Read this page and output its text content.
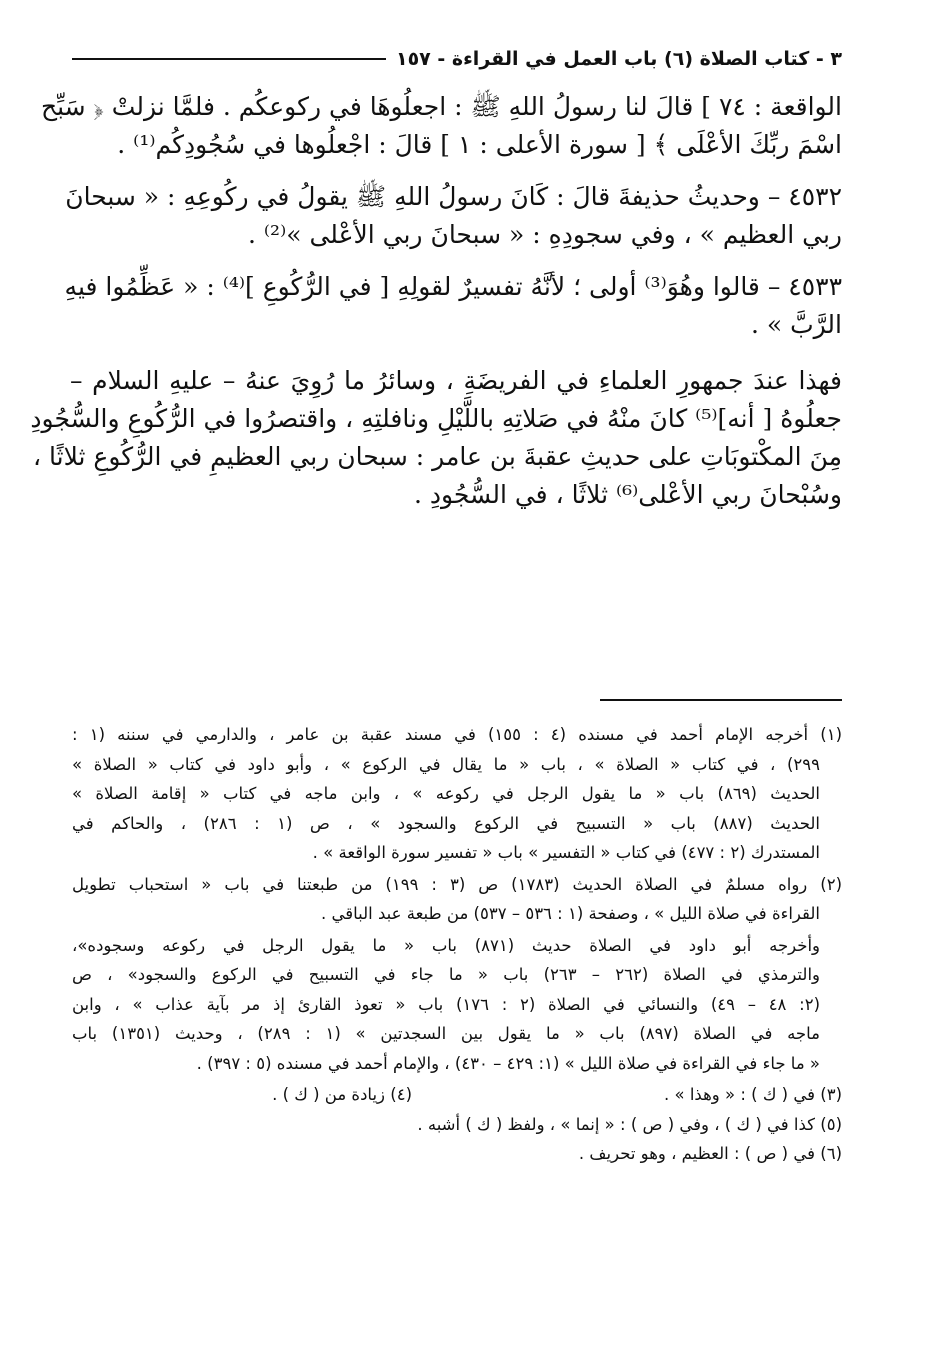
٣ - كتاب الصلاة (٦) باب العمل في القراءة - ١٥٧
الواقعة : ٧٤ ] قالَ لنا رسولُ اللهِ ﷺ : اجعلُوهَا في ركوعكُم . فلمَّا نزلتْ ﴿ سَبِّح
اسْمَ ربِّكَ الأعْلَى ﴾ [ سورة الأعلى : ١ ] قالَ : اجْعلُوها في سُجُودِكُم⁽¹⁾ .
٤٥٣٢ – وحديثُ حذيفةَ قالَ : كَانَ رسولُ اللهِ ﷺ يقولُ في ركُوعِهِ : « سبحانَ
ربي العظيم » ، وفي سجودِهِ : « سبحانَ ربي الأعْلى »⁽²⁾ .
٤٥٣٣ – قالوا وهُوَ⁽³⁾ أولى ؛ لأنَّهُ تفسيرٌ لقولِهِ [ في الرُّكُوعِ ]⁽⁴⁾ : « عَظِّمُوا فيهِ
الرَّبَّ » .
فهذا عندَ جمهورِ العلماءِ في الفريضَةِ ، وسائرُ ما رُوِيَ عنهُ – عليهِ السلام –
جعلُوهُ [ أنه]⁽⁵⁾ كانَ منْهُ في صَلاتِهِ باللَّيْلِ ونافلتِهِ ، واقتصرُوا في الرُّكُوعِ والسُّجُودِ
مِنَ المكْتوبَاتِ على حديثِ عقبةَ بن عامر : سبحان ربي العظيمِ في الرُّكُوعِ ثلاثًا ،
وسُبْحانَ ربي الأعْلى⁽⁶⁾ ثلاثًا ، في السُّجُودِ .
(١) أخرجه الإمام أحمد في مسنده (٤ : ١٥٥) في مسند عقبة بن عامر ، والدارمي في سننه (١ :
٢٩٩) ، في كتاب « الصلاة » ، باب « ما يقال في الركوع » ، وأبو داود في كتاب « الصلاة »
الحديث (٨٦٩) باب « ما يقول الرجل في ركوعه » ، وابن ماجه في كتاب « إقامة الصلاة »
الحديث (٨٨٧) باب « التسبيح في الركوع والسجود » ، ص (١ : ٢٨٦) ، والحاكم في
المستدرك (٢ : ٤٧٧) في كتاب « التفسير » باب « تفسير سورة الواقعة » .
(٢) رواه مسلمٌ في الصلاة الحديث (١٧٨٣) ص (٣ : ١٩٩) من طبعتنا في باب « استحباب تطويل
القراءة في صلاة الليل » ، وصفحة (١ : ٥٣٦ – ٥٣٧) من طبعة عبد الباقي .
وأخرجه أبو داود في الصلاة حديث (٨٧١) باب « ما يقول الرجل في ركوعه وسجوده»،
والترمذي في الصلاة (٢٦٢ – ٢٦٣) باب « ما جاء في التسبيح في الركوع والسجود» ، ص
(٢: ٤٨ – ٤٩) والنسائي في الصلاة (٢ : ١٧٦) باب « تعوذ القارئ إذ مر بآية عذاب » ، وابن
ماجه في الصلاة (٨٩٧) باب « ما يقول بين السجدتين » (١ : ٢٨٩) ، وحديث (١٣٥١) باب
« ما جاء في القراءة في صلاة الليل » (١: ٤٢٩ – ٤٣٠) ، والإمام أحمد في مسنده (٥ : ٣٩٧) .
(٣) في ( ك ) : « وهذا » .
(٤) زيادة من ( ك ) .
(٥) كذا في ( ك ) ، وفي ( ص ) : « إنما » ، ولفظ ( ك ) أشبه .
(٦) في ( ص ) : العظيم ، وهو تحريف .
